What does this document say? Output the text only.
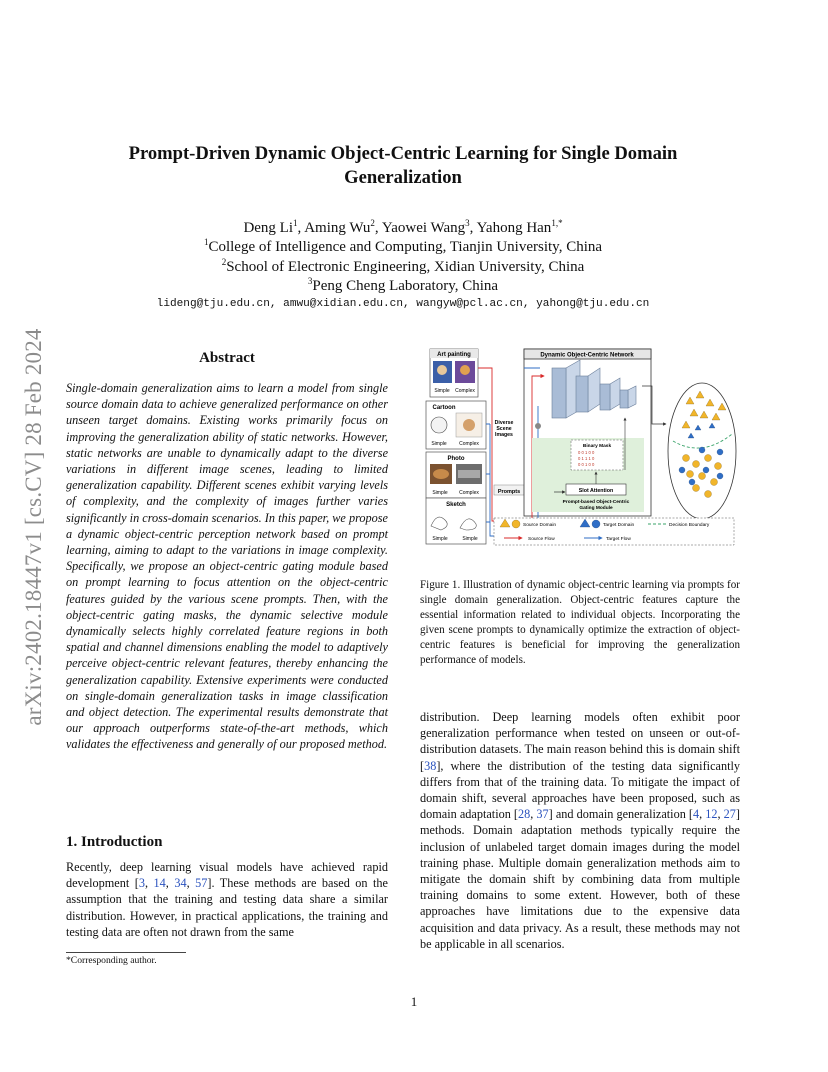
arXiv:2402.18447v1 [cs.CV] 28 Feb 2024
Prompt-Driven Dynamic Object-Centric Learning for Single Domain Generalization
Deng Li$^1$, Aming Wu$^2$, Yaowei Wang$^3$, Yahong Han$^{1,*}$
$^1$College of Intelligence and Computing, Tianjin University, China
$^2$School of Electronic Engineering, Xidian University, China
$^3$Peng Cheng Laboratory, China
lideng@tju.edu.cn, amwu@xidian.edu.cn, wangyw@pcl.ac.cn, yahong@tju.edu.cn
Abstract

Single-domain generalization aims to learn a model from single source domain data to achieve generalized performance on other unseen target domains. Existing works primarily focus on improving the generalization ability of static networks. However, static networks are unable to dynamically adapt to the diverse variations in different image scenes, leading to limited generalization capability. Different scenes exhibit varying levels of complexity, and the complexity of images further varies significantly in cross-domain scenarios. In this paper, we propose a dynamic object-centric perception network based on prompt learning, aiming to adapt to the variations in image complexity. Specifically, we propose an object-centric gating module based on prompt learning to focus attention on the object-centric features guided by the various scene prompts. Then, with the object-centric gating masks, the dynamic selective module dynamically selects highly correlated feature regions in both spatial and channel dimensions enabling the model to adaptively perceive object-centric relevant features, thereby enhancing the generalization capability. Extensive experiments were conducted on single-domain generalization tasks in image classification and object detection. The experimental results demonstrate that our approach outperforms state-of-the-art methods, which validates the effectiveness and generally of our proposed method.

1. Introduction

Recently, deep learning visual models have achieved rapid development [3, 14, 34, 57]. These methods are based on the assumption that the training and testing data share a similar distribution. However, in practical applications, the training and testing data are often not drawn from the same

*Corresponding author.
Art painting
Simple Complex
Cartoon
Simple Complex
Photo
Simple Complex
Sketch
Simple	Simple
Diverse Scene Images
Prompts
Dynamic Object-Centric Network
Binary Mask
0 0 1 0 0
0 1 1 1 0
0 0 1 0 0
Slot Attention
Prompt-based Object-Centric Gating Module
Source Domain	Target Domain	Decision Boundary
Source Flow	Target Flow

Figure 1. Illustration of dynamic object-centric learning via prompts for single domain generalization. Object-centric features capture the essential information related to individual objects. Incorporating the given scene prompts to dynamically optimize the extraction of object-centric features is beneficial for improving the generalization performance of models.

distribution. Deep learning models often exhibit poor generalization performance when tested on unseen or out-of-distribution datasets. The main reason behind this is domain shift [38], where the distribution of the testing data significantly differs from that of the training data. To mitigate the impact of domain shift, several approaches have been proposed, such as domain adaptation [28, 37] and domain generalization [4, 12, 27] methods. Domain adaptation methods typically require the inclusion of unlabeled target domain images during the model training phase. Multiple domain generalization methods aim to mitigate the domain shift by combining data from multiple training domains to some extent. However, both of these approaches have limitations due to the expensive data acquisition and data privacy. As a result, these methods may not be applicable in all scenarios.

1
